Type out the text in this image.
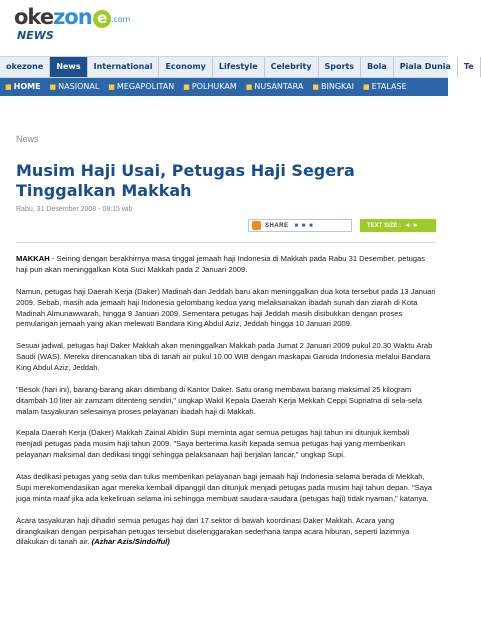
okezon e .com
NEWS
okezone	News	International	Economy	Lifestyle	Celebrity	Sports	Bola	Piala Dunia	Te
■ HOME	■ NASIONAL	■ MEGAPOLITAN	■ POLHUKAM	■ NUSANTARA	■ BINGKAI	■ ETALASE
News
Musim Haji Usai, Petugas Haji Segera Tinggalkan Makkah
Rabu, 31 Desember 2008 - 08:15 wib
SHARE ■ ■ ■	TEXT SIZE : ◂ ▸

MAKKAH - Seiring dengan berakhirnya masa tinggal jemaah haji Indonesia di Makkah pada Rabu 31 Desember, petugas haji pun akan meninggalkan Kota Suci Makkah pada 2 Januari 2009.

Namun, petugas haji Daerah Kerja (Daker) Madinah dan Jeddah baru akan meninggalkan dua kota tersebut pada 13 Januari 2009. Sebab, masih ada jemaah haji Indonesia gelombang kedua yang melaksanakan ibadah sunah dan ziarah di Kota Madinah Almunawwarah, hingga 9 Januari 2009. Sementara petugas haji Jeddah masih disibukkan dengan proses pemulangan jemaah yang akan melewati Bandara King Abdul Aziz, Jeddah hingga 10 Januari 2009.

Sesuai jadwal, petugas haji Daker Makkah akan meninggalkan Makkah pada Jumat 2 Januari 2009 pukul 20.30 Waktu Arab Saudi (WAS). Mereka direncanakan tiba di tanah air pukul 10.00 WIB dengan maskapai Garuda Indonesia melalui Bandara King Abdul Aziz, Jeddah.

"Besok (hari ini), barang-barang akan ditimbang di Kantor Daker. Satu orang membawa barang maksimal 25 kilogram ditambah 10 liter air zamzam ditenteng sendiri," ungkap Wakil Kepala Daerah Kerja Mekkah Ceppi Supriatna di sela-sela malam tasyakuran selesainya proses pelayanan ibadah haji di Makkah.

Kepala Daerah Kerja (Daker) Makkah Zainal Abidin Supi meminta agar semua petugas haji tahun ini ditunjuk kembali menjadi petugas pada musim haji tahun 2009. "Saya berterima kasih kepada semua petugas haji yang memberikan pelayanan maksimal dan dedikasi tinggi sehingga pelaksanaan haji berjalan lancar," ungkap Supi.

Atas dedikasi petugas yang setia dan tulus memberikan pelayanan bagi jemaah haji Indonesia selama berada di Mekkah, Supi merekomendasikan agar mereka kembali dipanggil dan ditunjuk menjadi petugas pada musim haji tahun depan. "Saya juga minta maaf jika ada kekeliruan selama ini sehingga membuat saudara-saudara (petugas haji) tidak nyaman," katanya.

Acara tasyakuran haji dihadiri semua petugas haji dari 17 sektor di bawah koordinasi Daker Makkah. Acara yang dirangkaikan dengan perpisahan petugas tersebut diselenggarakan sederhana tanpa acara hiburan, seperti lazimnya dilakukan di tanah air. (Azhar Azis/Sindo/ful)
